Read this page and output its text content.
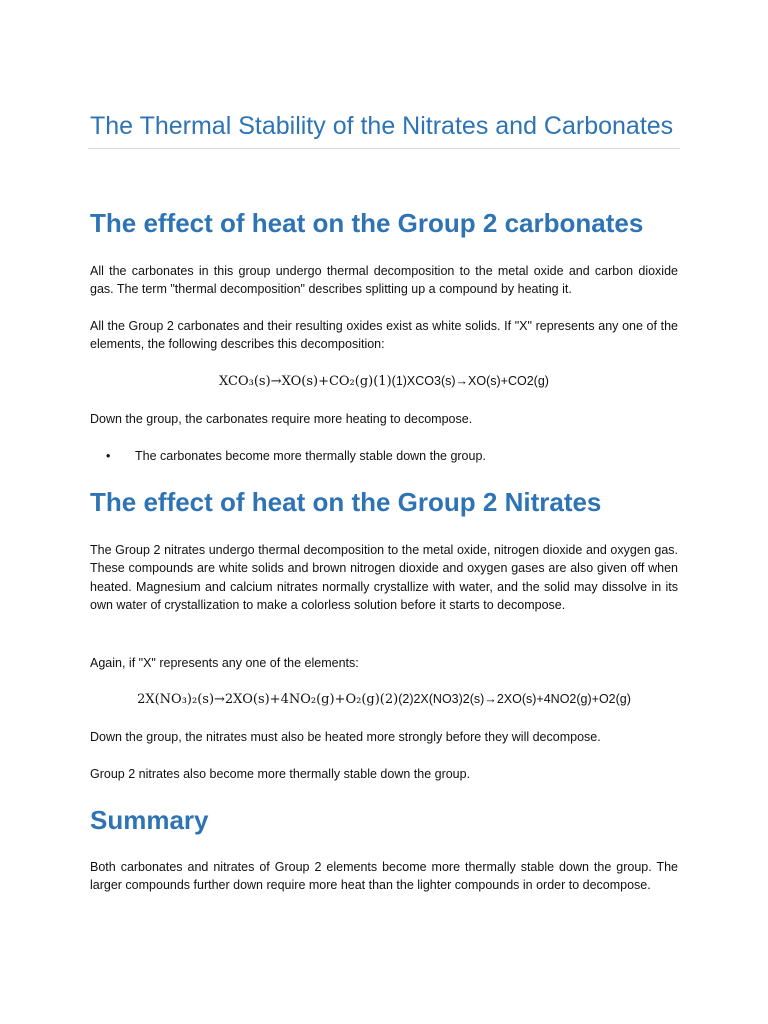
The Thermal Stability of the Nitrates and Carbonates
The effect of heat on the Group 2 carbonates

All the carbonates in this group undergo thermal decomposition to the metal oxide and carbon dioxide gas. The term "thermal decomposition" describes splitting up a compound by heating it.

All the Group 2 carbonates and their resulting oxides exist as white solids. If "X" represents any one of the elements, the following describes this decomposition:

XCO₃(s)→XO(s)+CO₂(g)(1)(1)XCO3(s)→XO(s)+CO2(g)

Down the group, the carbonates require more heating to decompose.

• The carbonates become more thermally stable down the group.
The effect of heat on the Group 2 Nitrates

The Group 2 nitrates undergo thermal decomposition to the metal oxide, nitrogen dioxide and oxygen gas. These compounds are white solids and brown nitrogen dioxide and oxygen gases are also given off when heated. Magnesium and calcium nitrates normally crystallize with water, and the solid may dissolve in its own water of crystallization to make a colorless solution before it starts to decompose.

Again, if "X" represents any one of the elements:

2X(NO₃)₂(s)→2XO(s)+4NO₂(g)+O₂(g)(2)(2)2X(NO3)2(s)→2XO(s)+4NO2(g)+O2(g)

Down the group, the nitrates must also be heated more strongly before they will decompose.

Group 2 nitrates also become more thermally stable down the group.

Summary

Both carbonates and nitrates of Group 2 elements become more thermally stable down the group. The larger compounds further down require more heat than the lighter compounds in order to decompose.
